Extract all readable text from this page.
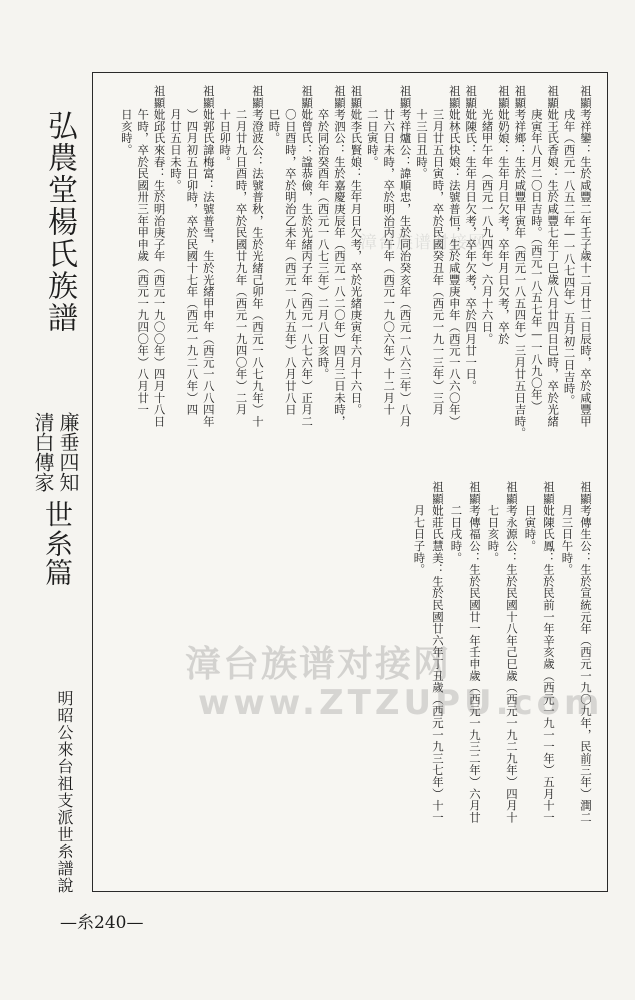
弘農堂楊氏族譜
廉垂四知
清白傳家
世糸篇
明昭公來台祖支派世糸譜說
—糸240—
祖顯考祥鑾：生於咸豐二年壬子歲十二月廿二日辰時，卒於咸豐甲
　　戌年（西元一八五二年—一八七四年）五月初二日吉時。
祖顯妣王氏香娘：生於咸豐七年丁巳歲八月廿四日巳時，卒於光緒
　　庚寅年八月二〇日吉時。（西元一八五七年—一八九〇年）
祖顯考祥鄉：生於咸豐甲寅年（西元一八五四年）三月廿五日吉時。
祖顯妣奶娘：生年月日欠考，卒年月日欠考，卒於
　　光緒甲午年（西元一八九四年）六月十六日。
祖顯妣陳氏：生年月日欠考，卒年欠考，卒於四月廿一日。
祖顯妣林氏快娘：法號普恒，生於咸豐庚申年（西元一八六〇年）
　　三月廿五日寅時，卒於民國癸丑年（西元一九一三年）三月
　　十三日丑時。
祖顯考祥爐公：諱順忠，生於同治癸亥年（西元一八六三年）八月
　　廿六日未時，卒於明治丙午年（西元一九〇六年）十二月十
　　二日寅時。
祖顯妣李氏賢娘：生年月日欠考，卒於光緒庚寅年六月十六日。
祖顯考泗公：生於嘉慶庚辰年（西元一八二〇年）四月三日未時，
　　卒於同治癸酉年（西元一八七三年）二月八日亥時。
祖顯妣曾氏：諡恭儉，生於光緒丙子年（西元一八七六年）正月二
　　〇日酉時，卒於明治乙未年（西元一八九五年）八月廿八日
　　巳時。
祖顯考澄波公：法號普秋，生於光緒己卯年（西元一八七九年）十
　　二月廿九日酉時，卒於民國廿九年（西元一九四〇年）二月
　　十日卯時。
祖顯妣郭氏諱梅富：法號普雪，生於光緒甲申年（西元一八八四年
　　）四月初五日卯時，卒於民國十七年（西元一九二八年）四
　　月廿五日未時。
祖顯妣邱氏來春：生於明治庚子年（西元一九〇〇年）四月十八日
　　午時，卒於民國卅三年甲申歲（西元一九四〇年）八月廿一
　　日亥時。
祖顯考傳生公：生於宣統元年（西元一九〇九年，民前三年）潤二
　　月三日午時。
祖顯妣陳氏鳳：生於民前一年辛亥歲（西元一九一一年）五月十一
　　日寅時。
祖顯考永源公：生於民國十八年己巳歲（西元一九二九年）四月十
　　七日亥時。
祖顯考傳福公：生於民國廿一年壬申歲（西元一九三二年）六月廿
　　二日戌時。
祖顯妣莊氏慧美：生於民國廿六年丁丑歲（西元一九三七年）十一
　　月七日子時。
漳台族谱对接网
漳台族谱对接网
www.ZTZUPU.com
